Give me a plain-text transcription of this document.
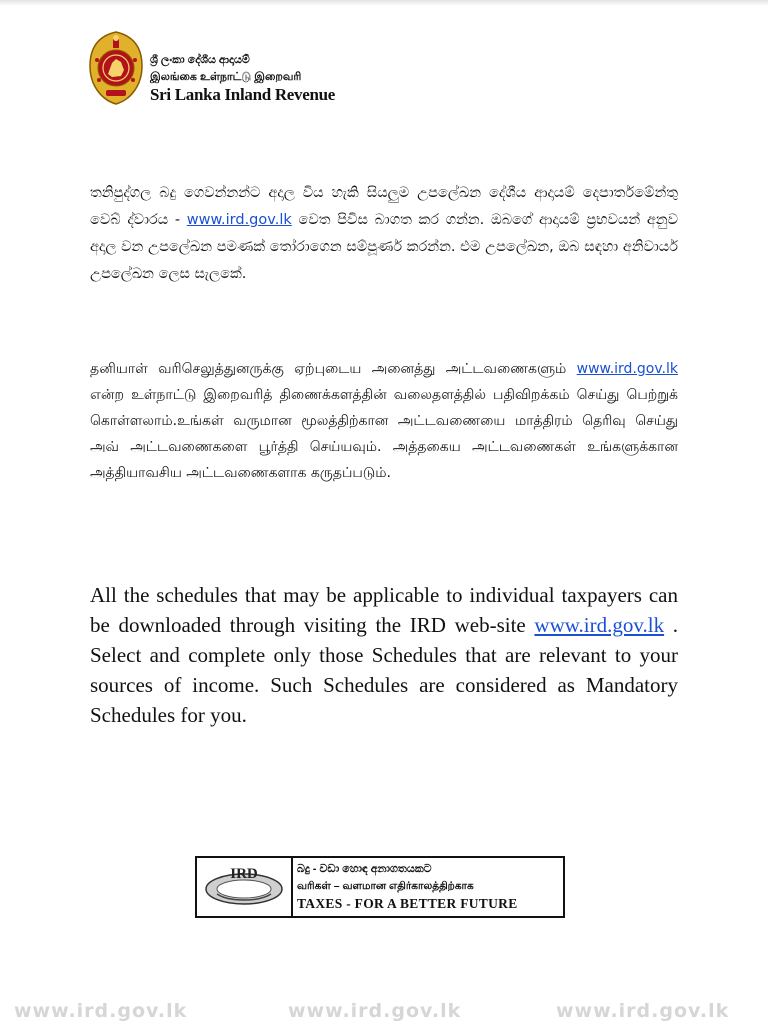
ශ්‍රී ලංකා දේශීය ආදායම්
இலங்கை உள்நாட்டு இறைவரி
Sri Lanka Inland Revenue

තනිපුද්ගල බදු ගෙවන්නන්ට අදාල විය හැකි සියලුම උපලේඛන දේශීය ආදායම් දෙපාර්තමේන්තු වෙබ් ද්වාරය - www.ird.gov.lk වෙත පිවිස බාගත කර ගන්න. ඔබගේ ආදායම් ප්‍රභවයන් අනුව අදාල වන උපලේඛන පමණක් තෝරාගෙන සම්පූර්ණ කරන්න. එම උපලේඛන, ඔබ සඳහා අනිවාර්ය උපලේඛන ලෙස සැලකේ.

தனியாள் வரிசெலுத்துனருக்கு ஏற்புடைய அனைத்து அட்டவணைகளும் www.ird.gov.lk என்ற உள்நாட்டு இறைவரித் திணைக்களத்தின் வலைதளத்தில் பதிவிறக்கம் செய்து பெற்றுக் கொள்ளலாம்.உங்கள் வருமான மூலத்திற்கான அட்டவணையை மாத்திரம் தெரிவு செய்து அவ் அட்டவணைகளை பூர்த்தி செய்யவும். அத்தகைய அட்டவணைகள் உங்களுக்கான அத்தியாவசிய அட்டவணைகளாக கருதப்படும்.

All the schedules that may be applicable to individual taxpayers can be downloaded through visiting the IRD web-site www.ird.gov.lk . Select and complete only those Schedules that are relevant to your sources of income. Such Schedules are considered as Mandatory Schedules for you.

IRD	බදු - වඩා හොඳ අනාගතයකට
வரிகள் – வளமான எதிர்காலத்திற்காக
TAXES - FOR A BETTER FUTURE
www.ird.gov.lk	www.ird.gov.lk	www.ird.gov.lk
